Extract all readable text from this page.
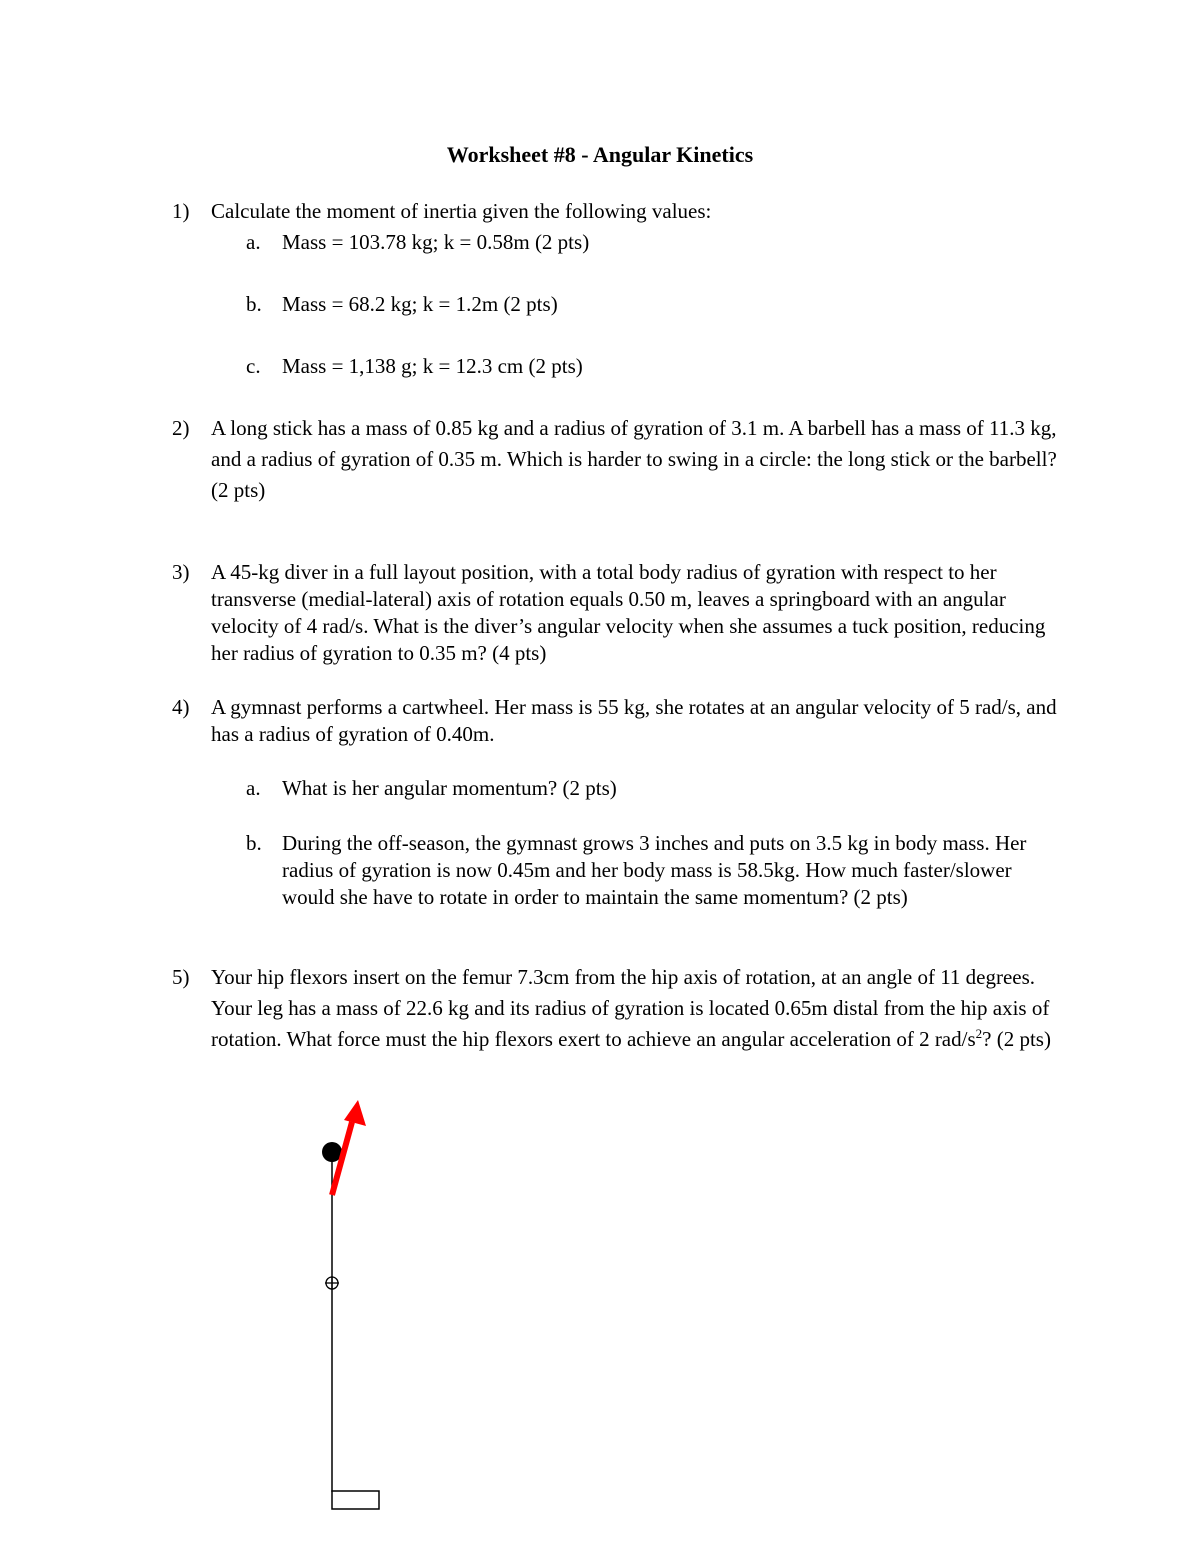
Worksheet #8 - Angular Kinetics
1) Calculate the moment of inertia given the following values:
a. Mass = 103.78 kg; k = 0.58m (2 pts)
b. Mass = 68.2 kg; k = 1.2m (2 pts)
c. Mass = 1,138 g; k = 12.3 cm (2 pts)
2) A long stick has a mass of 0.85 kg and a radius of gyration of 3.1 m. A barbell has a mass of 11.3 kg, and a radius of gyration of 0.35 m. Which is harder to swing in a circle: the long stick or the barbell? (2 pts)
3) A 45-kg diver in a full layout position, with a total body radius of gyration with respect to her transverse (medial-lateral) axis of rotation equals 0.50 m, leaves a springboard with an angular velocity of 4 rad/s. What is the diver’s angular velocity when she assumes a tuck position, reducing her radius of gyration to 0.35 m? (4 pts)
4) A gymnast performs a cartwheel. Her mass is 55 kg, she rotates at an angular velocity of 5 rad/s, and has a radius of gyration of 0.40m.
a. What is her angular momentum? (2 pts)
b. During the off-season, the gymnast grows 3 inches and puts on 3.5 kg in body mass. Her radius of gyration is now 0.45m and her body mass is 58.5kg. How much faster/slower would she have to rotate in order to maintain the same momentum? (2 pts)
5) Your hip flexors insert on the femur 7.3cm from the hip axis of rotation, at an angle of 11 degrees. Your leg has a mass of 22.6 kg and its radius of gyration is located 0.65m distal from the hip axis of rotation. What force must the hip flexors exert to achieve an angular acceleration of 2 rad/$s^2$? (2 pts)
